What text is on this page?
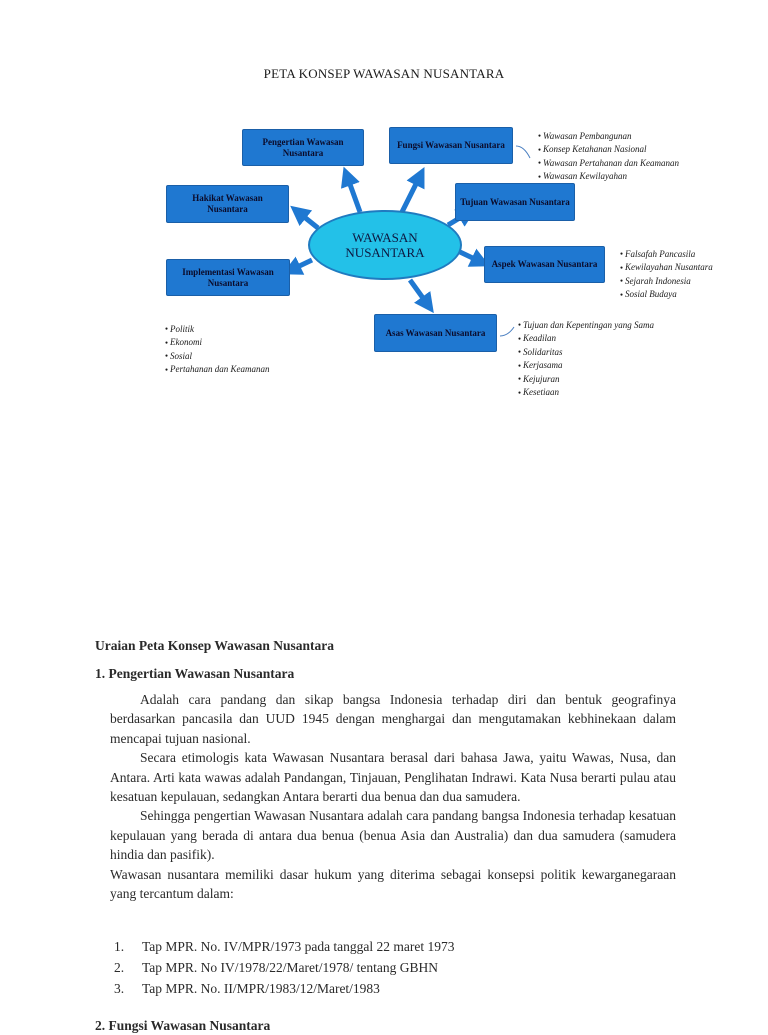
PETA KONSEP WAWASAN NUSANTARA
WAWASAN
NUSANTARA
Pengertian Wawasan Nusantara
Fungsi Wawasan Nusantara
Hakikat Wawasan Nusantara
Tujuan Wawasan Nusantara
Aspek Wawasan Nusantara
Implementasi Wawasan Nusantara
Asas Wawasan Nusantara
● Wawasan Pembangunan
● Konsep Ketahanan Nasional
● Wawasan Pertahanan dan Keamanan
● Wawasan Kewilayahan
● Falsafah Pancasila
● Kewilayahan Nusantara
● Sejarah Indonesia
● Sosial Budaya
● Politik
● Ekonomi
● Sosial
● Pertahanan dan Keamanan
● Tujuan dan Kepentingan yang Sama
● Keadilan
● Solidaritas
● Kerjasama
● Kejujuran
● Kesetiaan
Uraian Peta Konsep Wawasan Nusantara
1. Pengertian Wawasan Nusantara

Adalah cara pandang dan sikap bangsa Indonesia terhadap diri dan bentuk geografinya berdasarkan pancasila dan UUD 1945 dengan menghargai dan mengutamakan kebhinekaan dalam mencapai tujuan nasional.

Secara etimologis kata Wawasan Nusantara berasal dari bahasa Jawa, yaitu Wawas, Nusa, dan Antara. Arti kata wawas adalah Pandangan, Tinjauan, Penglihatan Indrawi. Kata Nusa berarti pulau atau kesatuan kepulauan, sedangkan Antara berarti dua benua dan dua samudera.

Sehingga pengertian Wawasan Nusantara adalah cara pandang bangsa Indonesia terhadap kesatuan kepulauan yang berada di antara dua benua (benua Asia dan Australia) dan dua samudera (samudera hindia dan pasifik).

Wawasan nusantara memiliki dasar hukum yang diterima sebagai konsepsi politik kewarganegaraan yang tercantum dalam:

1. Tap MPR. No. IV/MPR/1973 pada tanggal 22 maret 1973
2. Tap MPR. No IV/1978/22/Maret/1978/ tentang GBHN
3. Tap MPR. No. II/MPR/1983/12/Maret/1983
2. Fungsi Wawasan Nusantara
